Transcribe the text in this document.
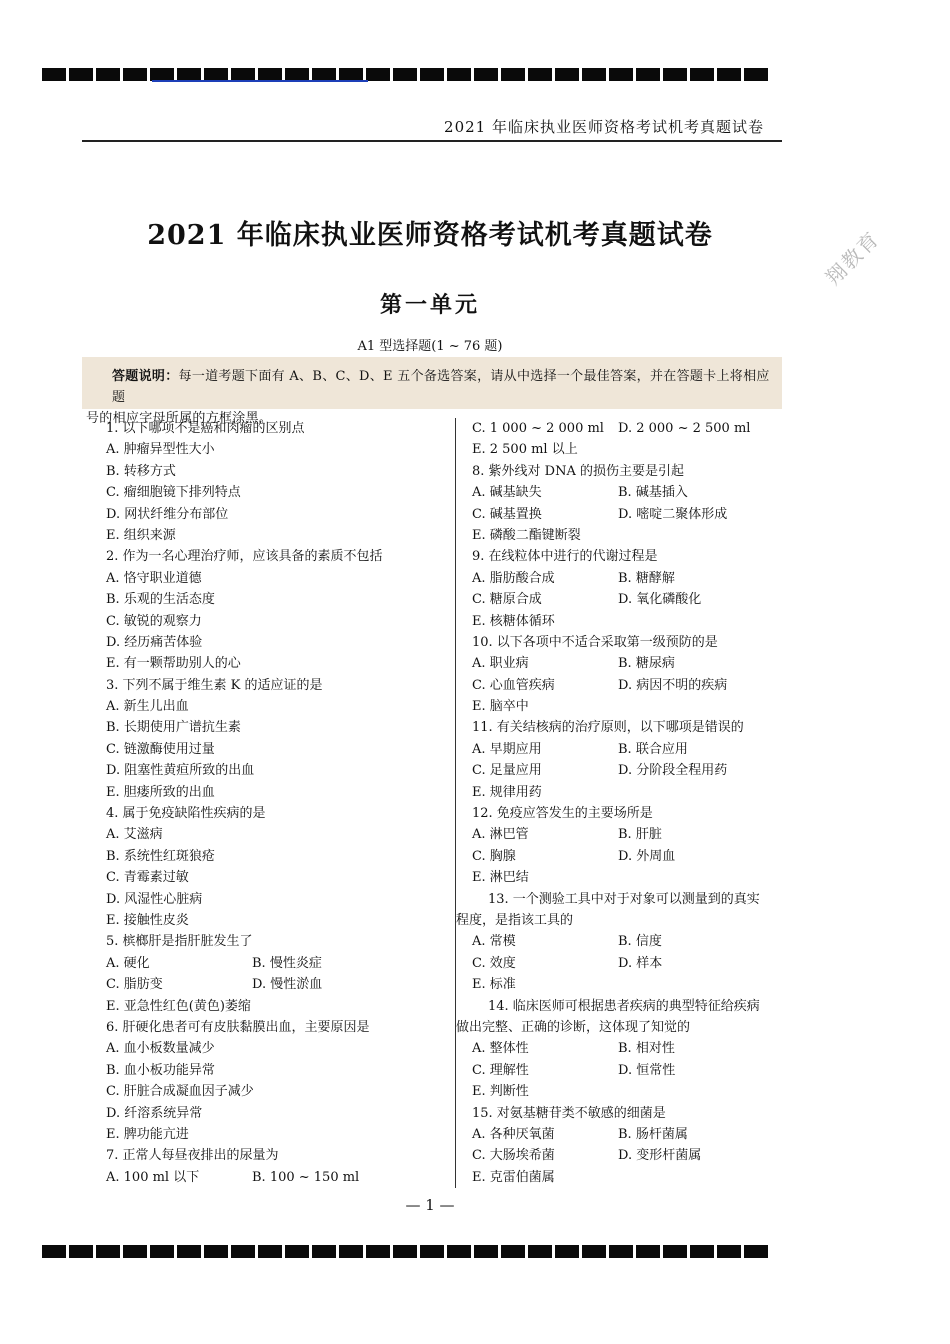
2021 年临床执业医师资格考试机考真题试卷
翔教育
2021 年临床执业医师资格考试机考真题试卷
第一单元
A1 型选择题(1 ~ 76 题)
答题说明：每一道考题下面有 A、B、C、D、E 五个备选答案，请从中选择一个最佳答案，并在答题卡上将相应题
号的相应字母所属的方框涂黑。
1. 以下哪项不是癌和肉瘤的区别点
A. 肿瘤异型性大小
B. 转移方式
C. 瘤细胞镜下排列特点
D. 网状纤维分布部位
E. 组织来源
2. 作为一名心理治疗师，应该具备的素质不包括
A. 恪守职业道德
B. 乐观的生活态度
C. 敏锐的观察力
D. 经历痛苦体验
E. 有一颗帮助别人的心
3. 下列不属于维生素 K 的适应证的是
A. 新生儿出血
B. 长期使用广谱抗生素
C. 链激酶使用过量
D. 阻塞性黄疸所致的出血
E. 胆瘘所致的出血
4. 属于免疫缺陷性疾病的是
A. 艾滋病
B. 系统性红斑狼疮
C. 青霉素过敏
D. 风湿性心脏病
E. 接触性皮炎
5. 槟榔肝是指肝脏发生了
A. 硬化	B. 慢性炎症
C. 脂肪变	D. 慢性淤血
E. 亚急性红色(黄色)萎缩
6. 肝硬化患者可有皮肤黏膜出血，主要原因是
A. 血小板数量减少
B. 血小板功能异常
C. 肝脏合成凝血因子减少
D. 纤溶系统异常
E. 脾功能亢进
7. 正常人每昼夜排出的尿量为
A. 100 ml 以下	B. 100 ~ 150 ml
C. 1 000 ~ 2 000 ml D. 2 000 ~ 2 500 ml
E. 2 500 ml 以上
8. 紫外线对 DNA 的损伤主要是引起
A. 碱基缺失	B. 碱基插入
C. 碱基置换	D. 嘧啶二聚体形成
E. 磷酸二酯键断裂
9. 在线粒体中进行的代谢过程是
A. 脂肪酸合成	B. 糖酵解
C. 糖原合成	D. 氧化磷酸化
E. 核糖体循环
10. 以下各项中不适合采取第一级预防的是
A. 职业病	B. 糖尿病
C. 心血管疾病	D. 病因不明的疾病
E. 脑卒中
11. 有关结核病的治疗原则，以下哪项是错误的
A. 早期应用	B. 联合应用
C. 足量应用	D. 分阶段全程用药
E. 规律用药
12. 免疫应答发生的主要场所是
A. 淋巴管	B. 肝脏
C. 胸腺	D. 外周血
E. 淋巴结
13. 一个测验工具中对于对象可以测量到的真实
程度，是指该工具的
A. 常模	B. 信度
C. 效度	D. 样本
E. 标准
14. 临床医师可根据患者疾病的典型特征给疾病
做出完整、正确的诊断，这体现了知觉的
A. 整体性	B. 相对性
C. 理解性	D. 恒常性
E. 判断性
15. 对氨基糖苷类不敏感的细菌是
A. 各种厌氧菌	B. 肠杆菌属
C. 大肠埃希菌	D. 变形杆菌属
E. 克雷伯菌属
— 1 —
